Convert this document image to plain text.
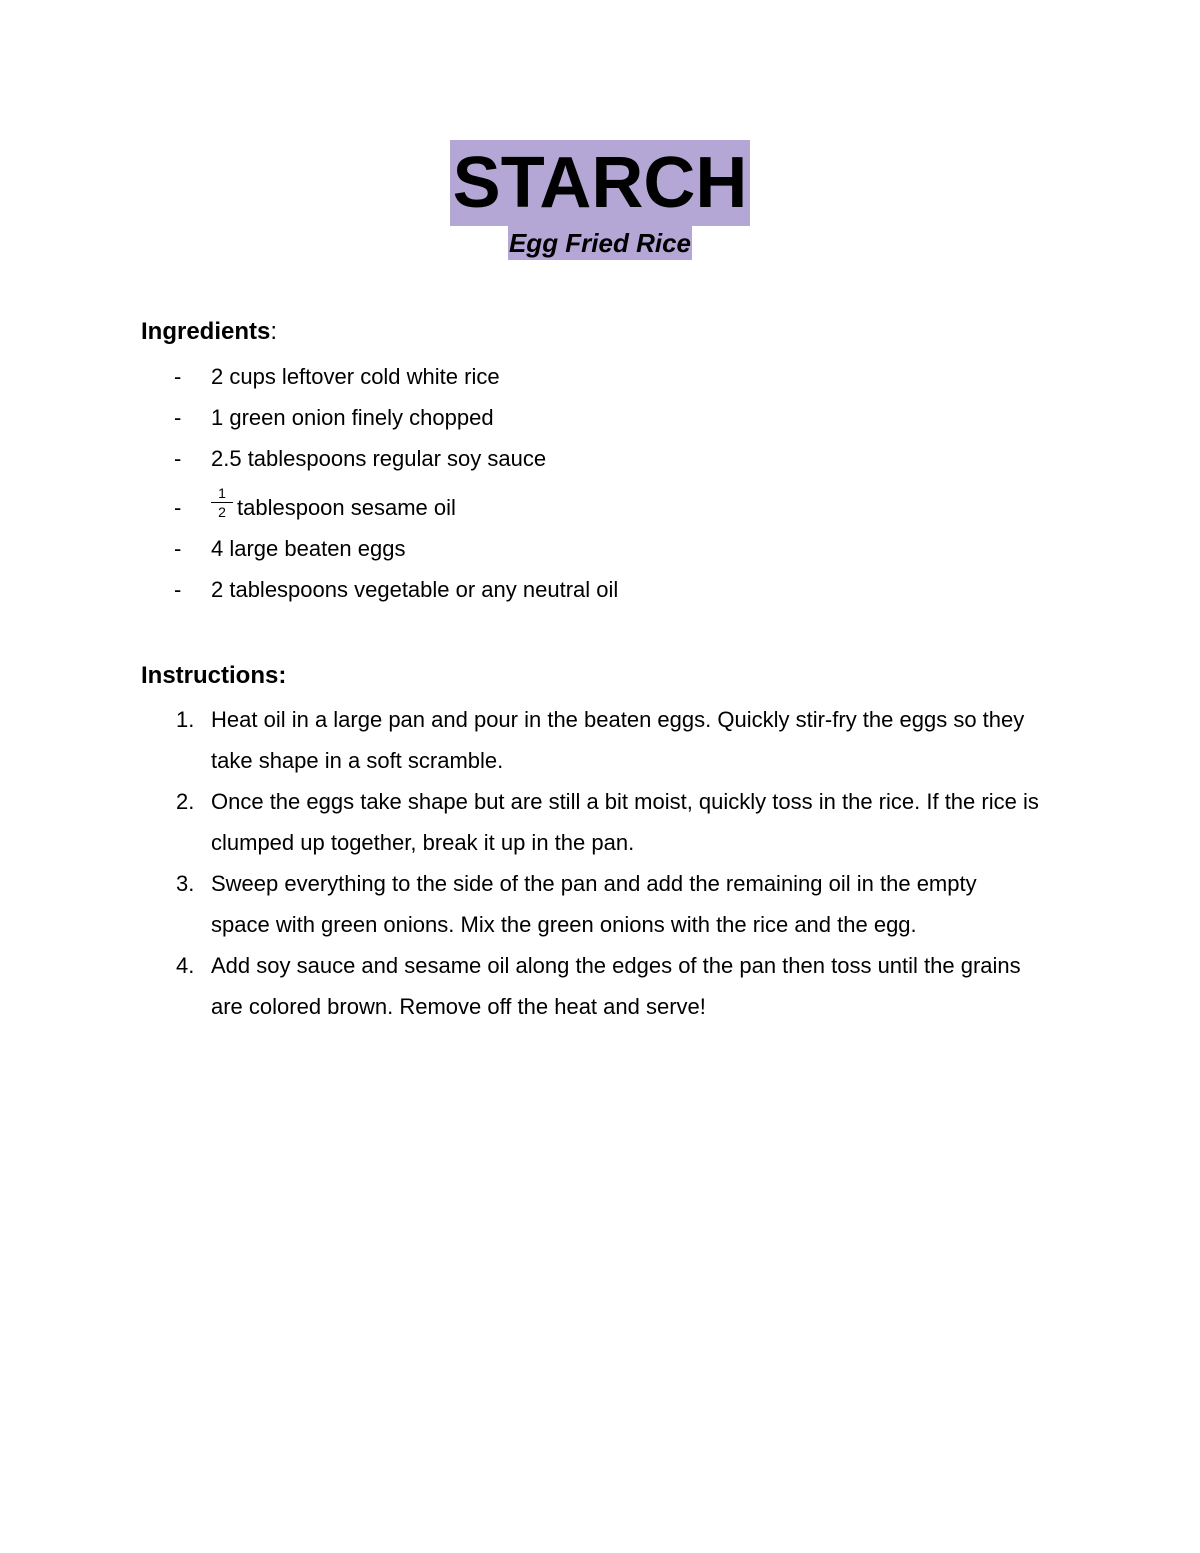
STARCH
Egg Fried Rice
Ingredients:
- 2 cups leftover cold white rice
- 1 green onion finely chopped
- 2.5 tablespoons regular soy sauce
- $\frac{1}{2}$ tablespoon sesame oil
- 4 large beaten eggs
- 2 tablespoons vegetable or any neutral oil
Instructions:
1. Heat oil in a large pan and pour in the beaten eggs. Quickly stir-fry the eggs so they take shape in a soft scramble.
2. Once the eggs take shape but are still a bit moist, quickly toss in the rice. If the rice is clumped up together, break it up in the pan.
3. Sweep everything to the side of the pan and add the remaining oil in the empty space with green onions. Mix the green onions with the rice and the egg.
4. Add soy sauce and sesame oil along the edges of the pan then toss until the grains are colored brown. Remove off the heat and serve!
